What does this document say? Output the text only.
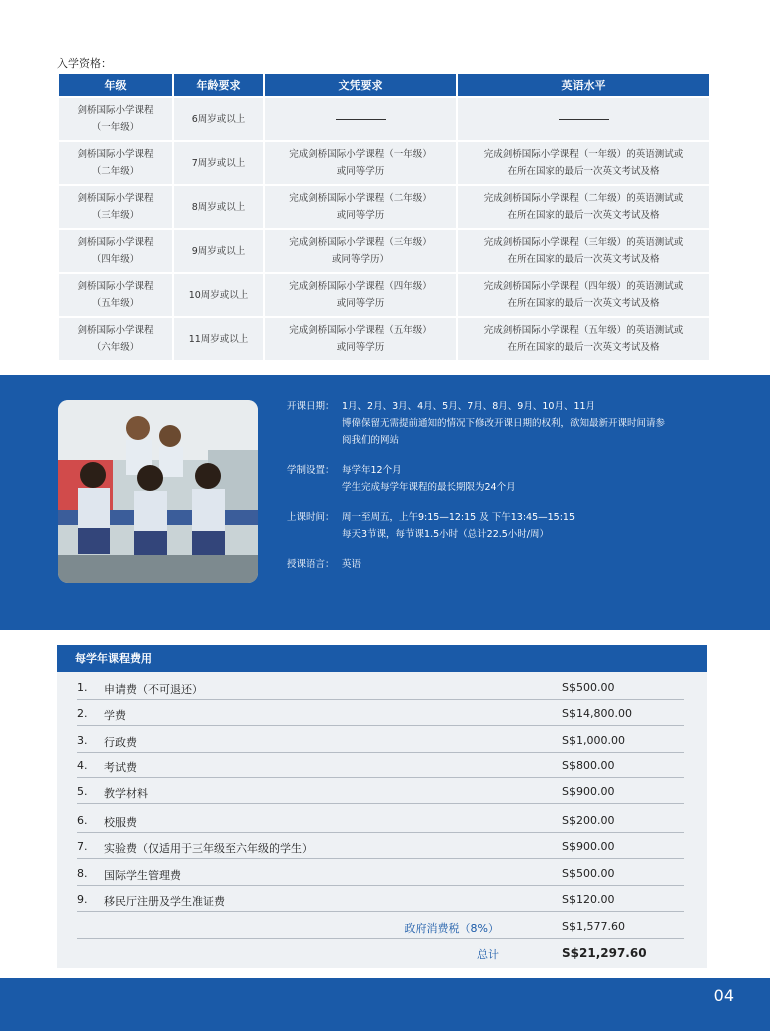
入学资格：
年级	年龄要求	文凭要求	英语水平
剑桥国际小学课程
（一年级）	6周岁或以上		
剑桥国际小学课程
（二年级）	7周岁或以上	完成剑桥国际小学课程（一年级）
或同等学历	完成剑桥国际小学课程（一年级）的英语测试或
在所在国家的最后一次英文考试及格
剑桥国际小学课程
（三年级）	8周岁或以上	完成剑桥国际小学课程（二年级）
或同等学历	完成剑桥国际小学课程（二年级）的英语测试或
在所在国家的最后一次英文考试及格
剑桥国际小学课程
（四年级）	9周岁或以上	完成剑桥国际小学课程（三年级）
或同等学历）	完成剑桥国际小学课程（三年级）的英语测试或
在所在国家的最后一次英文考试及格
剑桥国际小学课程
（五年级）	10周岁或以上	完成剑桥国际小学课程（四年级）
或同等学历	完成剑桥国际小学课程（四年级）的英语测试或
在所在国家的最后一次英文考试及格
剑桥国际小学课程
（六年级）	11周岁或以上	完成剑桥国际小学课程（五年级）
或同等学历	完成剑桥国际小学课程（五年级）的英语测试或
在所在国家的最后一次英文考试及格
开课日期： 1月、2月、3月、4月、5月、7月、8月、9月、10月、11月
博偉保留无需提前通知的情况下修改开课日期的权利，欲知最新开课时间请参
阅我们的网站
学制设置： 每学年12个月
学生完成每学年课程的最长期限为24个月
上课时间： 周一至周五，上午9:15—12:15 及 下午13:45—15:15
每天3节课，每节课1.5小时（总计22.5小时/周）
授课语言： 英语
每学年课程费用
1. 申请费（不可退还）	S$500.00
2. 学费	S$14,800.00
3. 行政费	S$1,000.00
4. 考试费	S$800.00
5. 教学材料	S$900.00
6. 校服费	S$200.00
7. 实验费（仅适用于三年级至六年级的学生）	S$900.00
8. 国际学生管理费	S$500.00
9. 移民厅注册及学生准证费	S$120.00
政府消费税（8%）	S$1,577.60
总计	S$21,297.60
04
